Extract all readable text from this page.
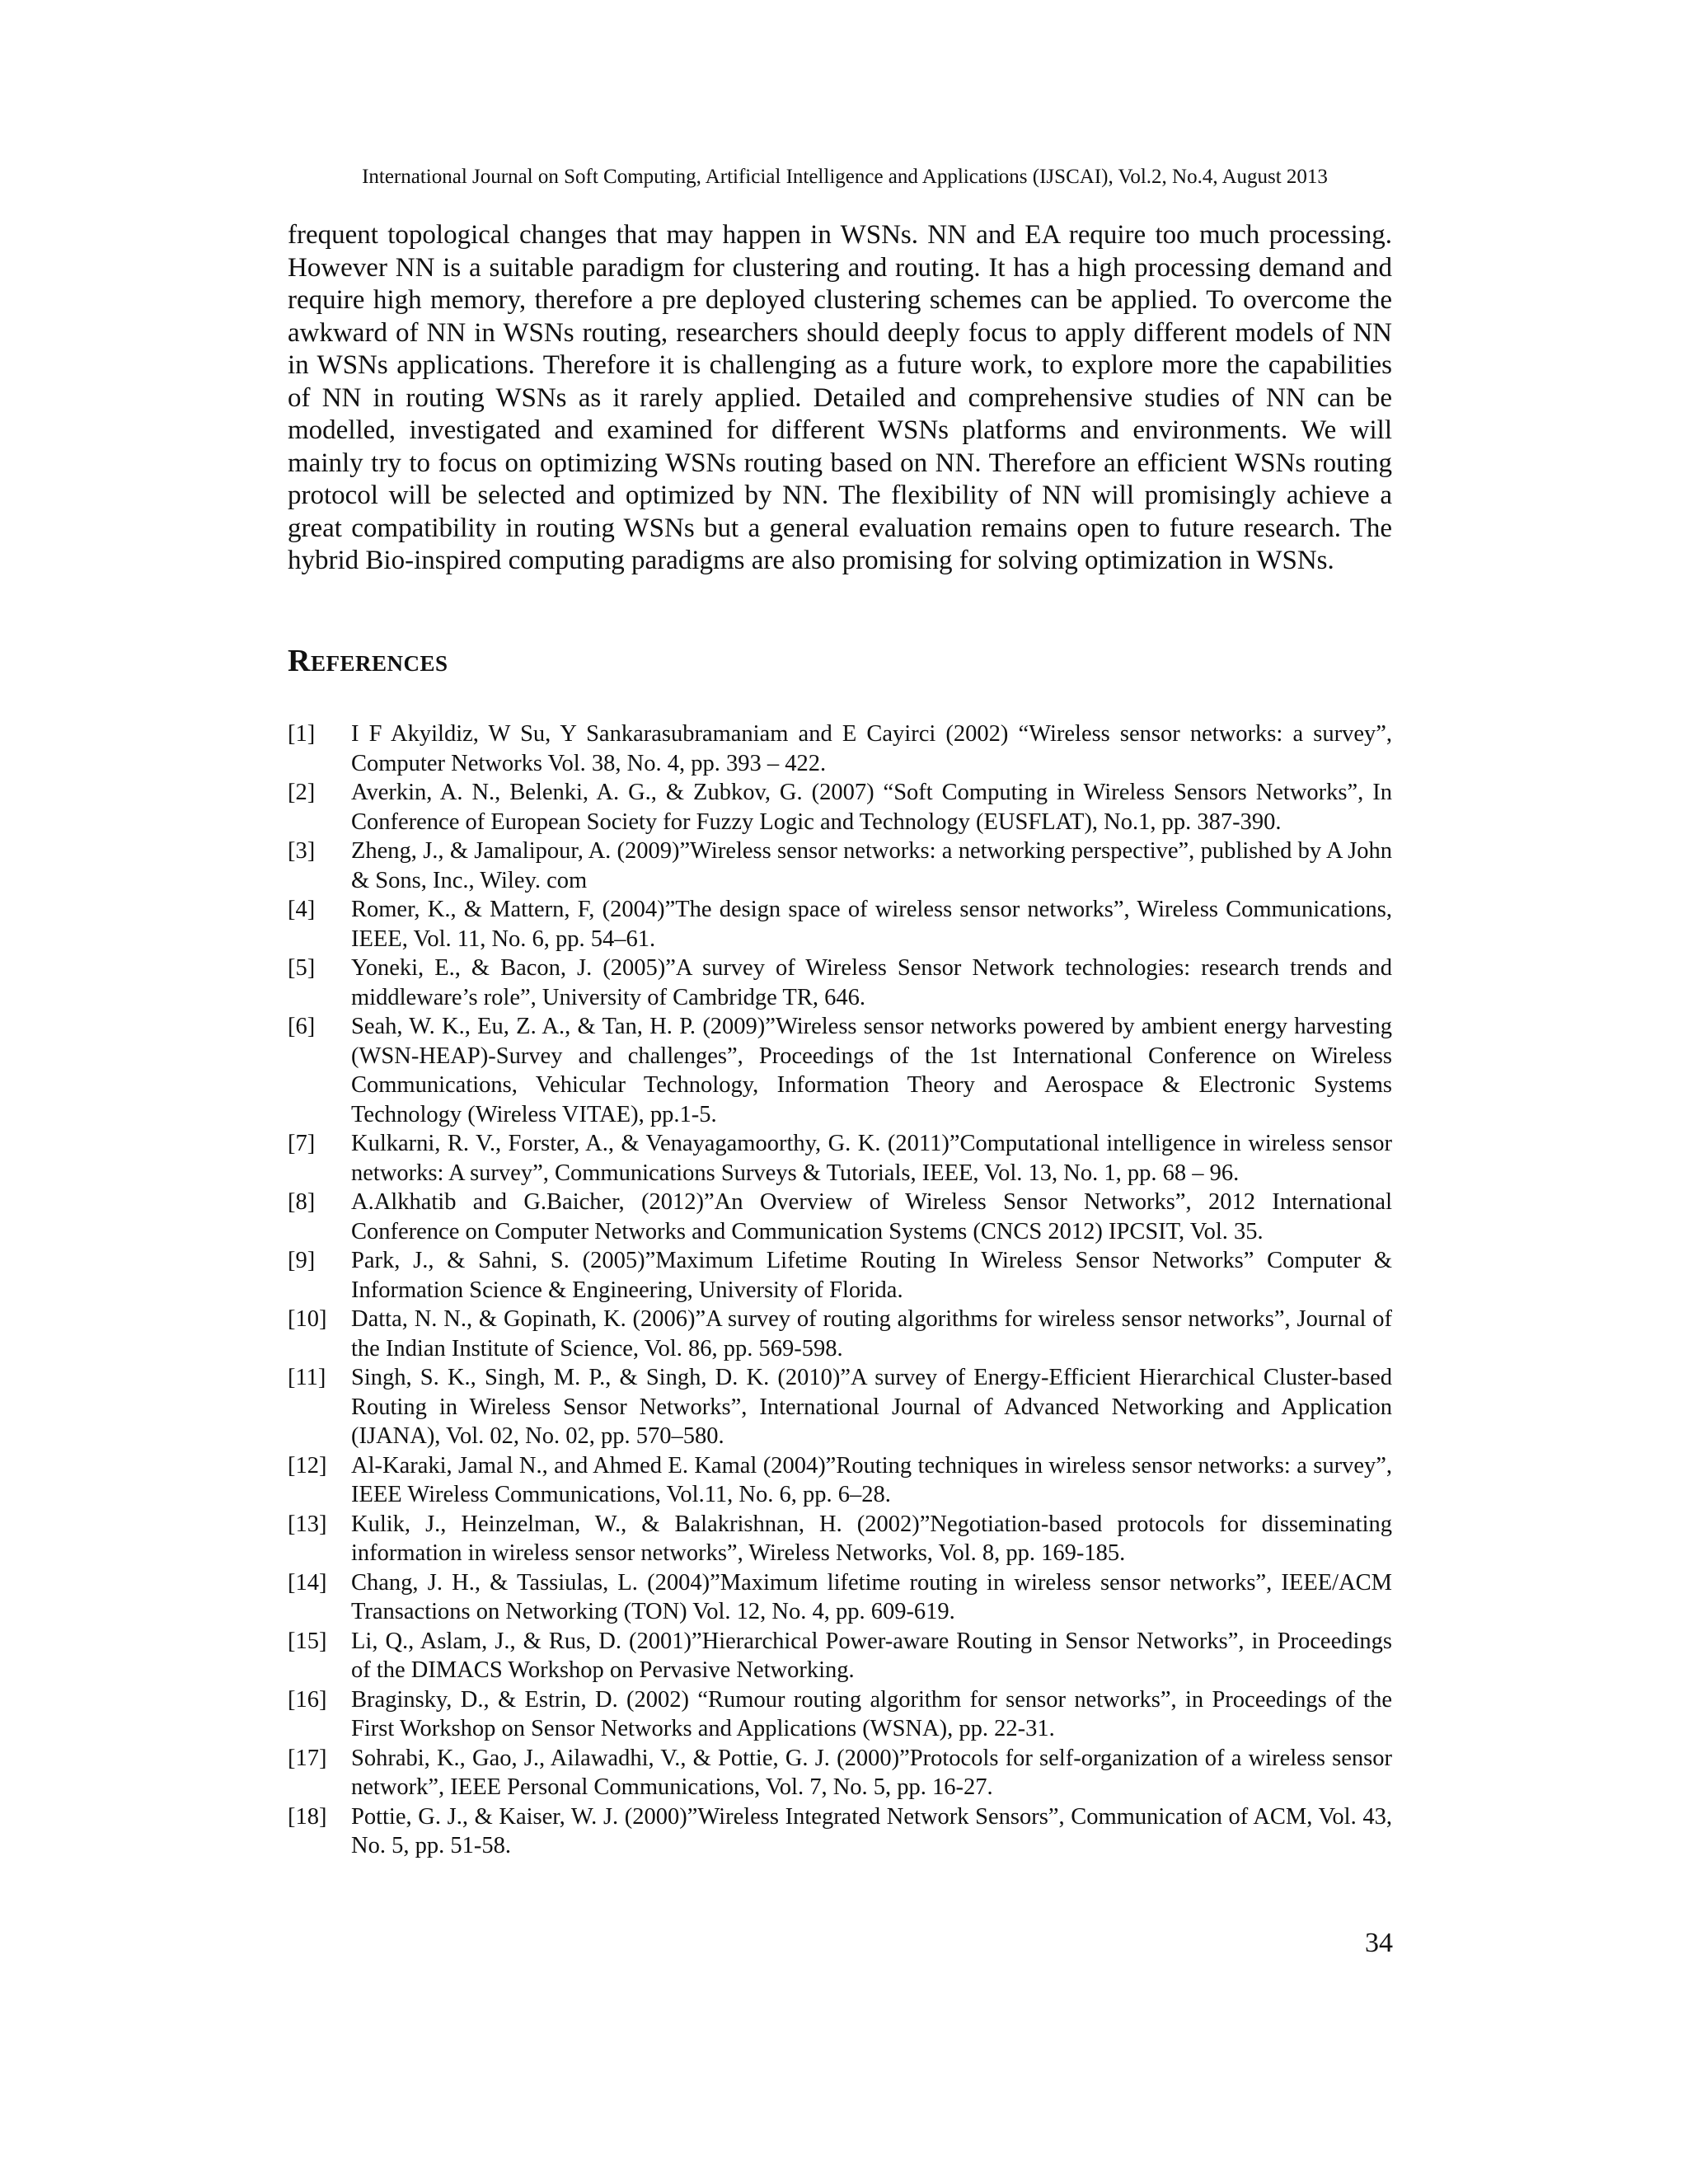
International Journal on Soft Computing, Artificial Intelligence and Applications (IJSCAI), Vol.2, No.4, August 2013

frequent topological changes that may happen in WSNs. NN and EA require too much processing. However NN is a suitable paradigm for clustering and routing. It has a high processing demand and require high memory, therefore a pre deployed clustering schemes can be applied. To overcome the awkward of NN in WSNs routing, researchers should deeply focus to apply different models of NN in WSNs applications. Therefore it is challenging as a future work, to explore more the capabilities of NN in routing WSNs as it rarely applied. Detailed and comprehensive studies of NN can be modelled, investigated and examined for different WSNs platforms and environments. We will mainly try to focus on optimizing WSNs routing based on NN. Therefore an efficient WSNs routing protocol will be selected and optimized by NN. The flexibility of NN will promisingly achieve a great compatibility in routing WSNs but a general evaluation remains open to future research. The hybrid Bio-inspired computing paradigms are also promising for solving optimization in WSNs.

References
[1]	I F Akyildiz, W Su, Y Sankarasubramaniam and E Cayirci (2002) “Wireless sensor networks: a survey”, Computer Networks Vol. 38, No. 4, pp. 393 – 422.
[2]	Averkin, A. N., Belenki, A. G., & Zubkov, G. (2007) “Soft Computing in Wireless Sensors Networks”, In Conference of European Society for Fuzzy Logic and Technology (EUSFLAT), No.1, pp. 387-390.
[3]	Zheng, J., & Jamalipour, A. (2009)”Wireless sensor networks: a networking perspective”, published by A John & Sons, Inc., Wiley. com
[4]	Romer, K., & Mattern, F, (2004)”The design space of wireless sensor networks”, Wireless Communications, IEEE, Vol. 11, No. 6, pp. 54–61.
[5]	Yoneki, E., & Bacon, J. (2005)”A survey of Wireless Sensor Network technologies: research trends and middleware’s role”, University of Cambridge TR, 646.
[6]	Seah, W. K., Eu, Z. A., & Tan, H. P. (2009)”Wireless sensor networks powered by ambient energy harvesting (WSN-HEAP)-Survey and challenges”, Proceedings of the 1st International Conference on Wireless Communications, Vehicular Technology, Information Theory and Aerospace & Electronic Systems Technology (Wireless VITAE), pp.1-5.
[7]	Kulkarni, R. V., Forster, A., & Venayagamoorthy, G. K. (2011)”Computational intelligence in wireless sensor networks: A survey”, Communications Surveys & Tutorials, IEEE, Vol. 13, No. 1, pp. 68 – 96.
[8]	A.Alkhatib and G.Baicher, (2012)”An Overview of Wireless Sensor Networks”, 2012 International Conference on Computer Networks and Communication Systems (CNCS 2012) IPCSIT, Vol. 35.
[9]	Park, J., & Sahni, S. (2005)”Maximum Lifetime Routing In Wireless Sensor Networks” Computer & Information Science & Engineering, University of Florida.
[10]	Datta, N. N., & Gopinath, K. (2006)”A survey of routing algorithms for wireless sensor networks”, Journal of the Indian Institute of Science, Vol. 86, pp. 569-598.
[11]	Singh, S. K., Singh, M. P., & Singh, D. K. (2010)”A survey of Energy-Efficient Hierarchical Cluster-based Routing in Wireless Sensor Networks”, International Journal of Advanced Networking and Application (IJANA), Vol. 02, No. 02, pp. 570–580.
[12]	Al-Karaki, Jamal N., and Ahmed E. Kamal (2004)”Routing techniques in wireless sensor networks: a survey”, IEEE Wireless Communications, Vol.11, No. 6, pp. 6–28.
[13]	Kulik, J., Heinzelman, W., & Balakrishnan, H. (2002)”Negotiation-based protocols for disseminating information in wireless sensor networks”, Wireless Networks, Vol. 8, pp. 169-185.
[14]	Chang, J. H., & Tassiulas, L. (2004)”Maximum lifetime routing in wireless sensor networks”, IEEE/ACM Transactions on Networking (TON) Vol. 12, No. 4, pp. 609-619.
[15]	Li, Q., Aslam, J., & Rus, D. (2001)”Hierarchical Power-aware Routing in Sensor Networks”, in Proceedings of the DIMACS Workshop on Pervasive Networking.
[16]	Braginsky, D., & Estrin, D. (2002) “Rumour routing algorithm for sensor networks”, in Proceedings of the First Workshop on Sensor Networks and Applications (WSNA), pp. 22-31.
[17]	Sohrabi, K., Gao, J., Ailawadhi, V., & Pottie, G. J. (2000)”Protocols for self-organization of a wireless sensor network”, IEEE Personal Communications, Vol. 7, No. 5, pp. 16-27.
[18]	Pottie, G. J., & Kaiser, W. J. (2000)”Wireless Integrated Network Sensors”, Communication of ACM, Vol. 43, No. 5, pp. 51-58.
34
